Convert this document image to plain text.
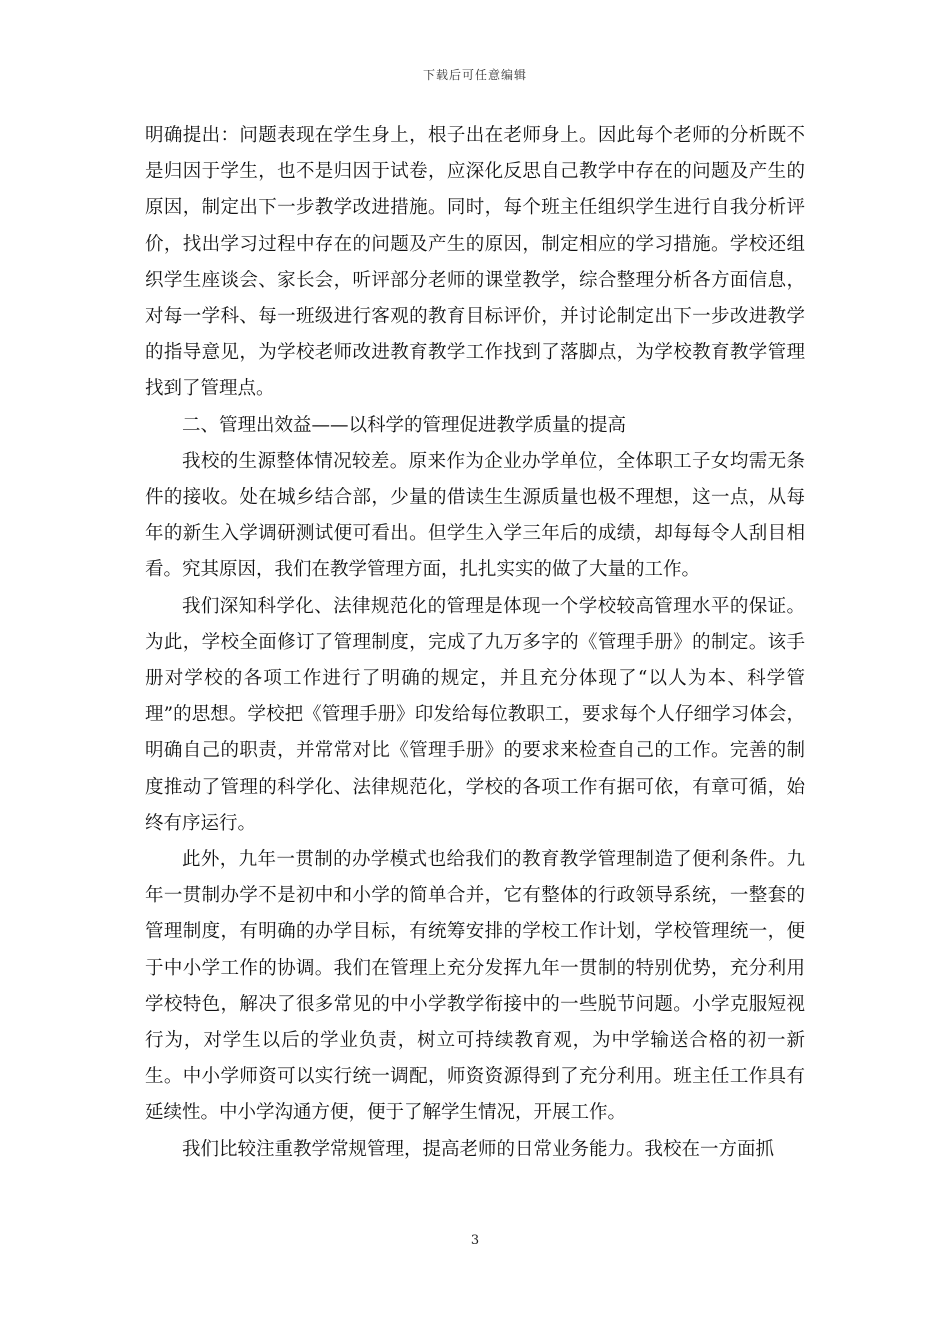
下载后可任意编辑

明确提出：问题表现在学生身上，根子出在老师身上。因此每个老师的分析既不是归因于学生，也不是归因于试卷，应深化反思自己教学中存在的问题及产生的原因，制定出下一步教学改进措施。同时，每个班主任组织学生进行自我分析评价，找出学习过程中存在的问题及产生的原因，制定相应的学习措施。学校还组织学生座谈会、家长会，听评部分老师的课堂教学，综合整理分析各方面信息，对每一学科、每一班级进行客观的教育目标评价，并讨论制定出下一步改进教学的指导意见，为学校老师改进教育教学工作找到了落脚点，为学校教育教学管理找到了管理点。

二、管理出效益——以科学的管理促进教学质量的提高

我校的生源整体情况较差。原来作为企业办学单位，全体职工子女均需无条件的接收。处在城乡结合部，少量的借读生生源质量也极不理想，这一点，从每年的新生入学调研测试便可看出。但学生入学三年后的成绩，却每每令人刮目相看。究其原因，我们在教学管理方面，扎扎实实的做了大量的工作。

我们深知科学化、法律规范化的管理是体现一个学校较高管理水平的保证。为此，学校全面修订了管理制度，完成了九万多字的《管理手册》的制定。该手册对学校的各项工作进行了明确的规定，并且充分体现了“以人为本、科学管理”的思想。学校把《管理手册》印发给每位教职工，要求每个人仔细学习体会，明确自己的职责，并常常对比《管理手册》的要求来检查自己的工作。完善的制度推动了管理的科学化、法律规范化，学校的各项工作有据可依，有章可循，始终有序运行。

此外，九年一贯制的办学模式也给我们的教育教学管理制造了便利条件。九年一贯制办学不是初中和小学的简单合并，它有整体的行政领导系统，一整套的管理制度，有明确的办学目标，有统筹安排的学校工作计划，学校管理统一，便于中小学工作的协调。我们在管理上充分发挥九年一贯制的特别优势，充分利用学校特色，解决了很多常见的中小学教学衔接中的一些脱节问题。小学克服短视行为，对学生以后的学业负责，树立可持续教育观，为中学输送合格的初一新生。中小学师资可以实行统一调配，师资资源得到了充分利用。班主任工作具有延续性。中小学沟通方便，便于了解学生情况，开展工作。

我们比较注重教学常规管理，提高老师的日常业务能力。我校在一方面抓

3
